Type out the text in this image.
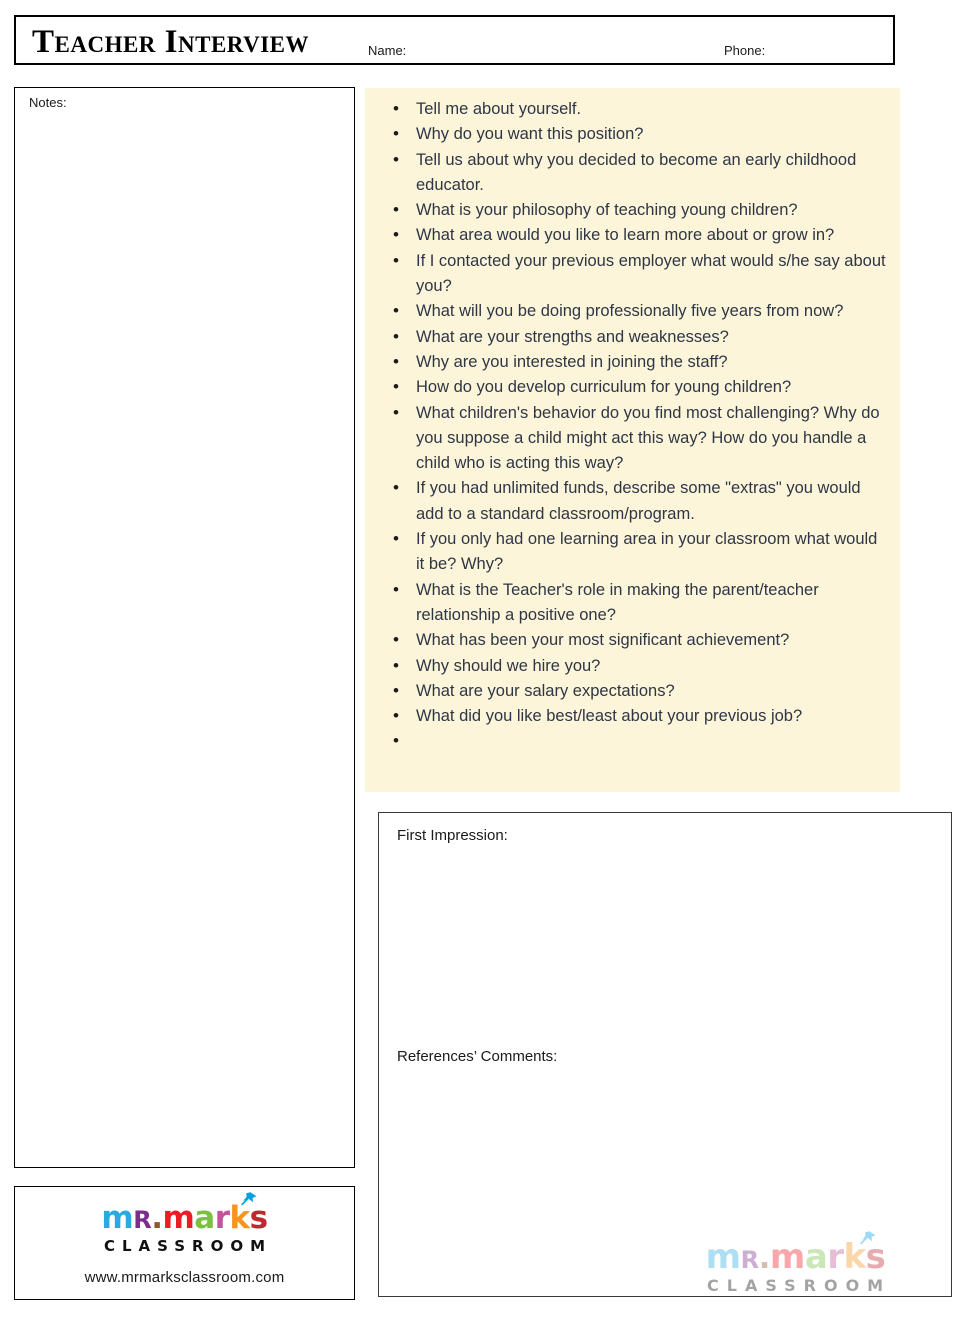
Teacher Interview	Name:	Phone:
Notes:
mR.marks
CLASSROOM
www.mrmarksclassroom.com
• Tell me about yourself.
• Why do you want this position?
• Tell us about why you decided to become an early childhood educator.
• What is your philosophy of teaching young children?
• What area would you like to learn more about or grow in?
• If I contacted your previous employer what would s/he say about you?
• What will you be doing professionally five years from now?
• What are your strengths and weaknesses?
• Why are you interested in joining the staff?
• How do you develop curriculum for young children?
• What children's behavior do you find most challenging? Why do you suppose a child might act this way? How do you handle a child who is acting this way?
• If you had unlimited funds, describe some "extras" you would add to a standard classroom/program.
• If you only had one learning area in your classroom what would it be? Why?
• What is the Teacher's role in making the parent/teacher relationship a positive one?
• What has been your most significant achievement?
• Why should we hire you?
• What are your salary expectations?
• What did you like best/least about your previous job?
First Impression:
References’ Comments:
mR.marks
CLASSROOM
